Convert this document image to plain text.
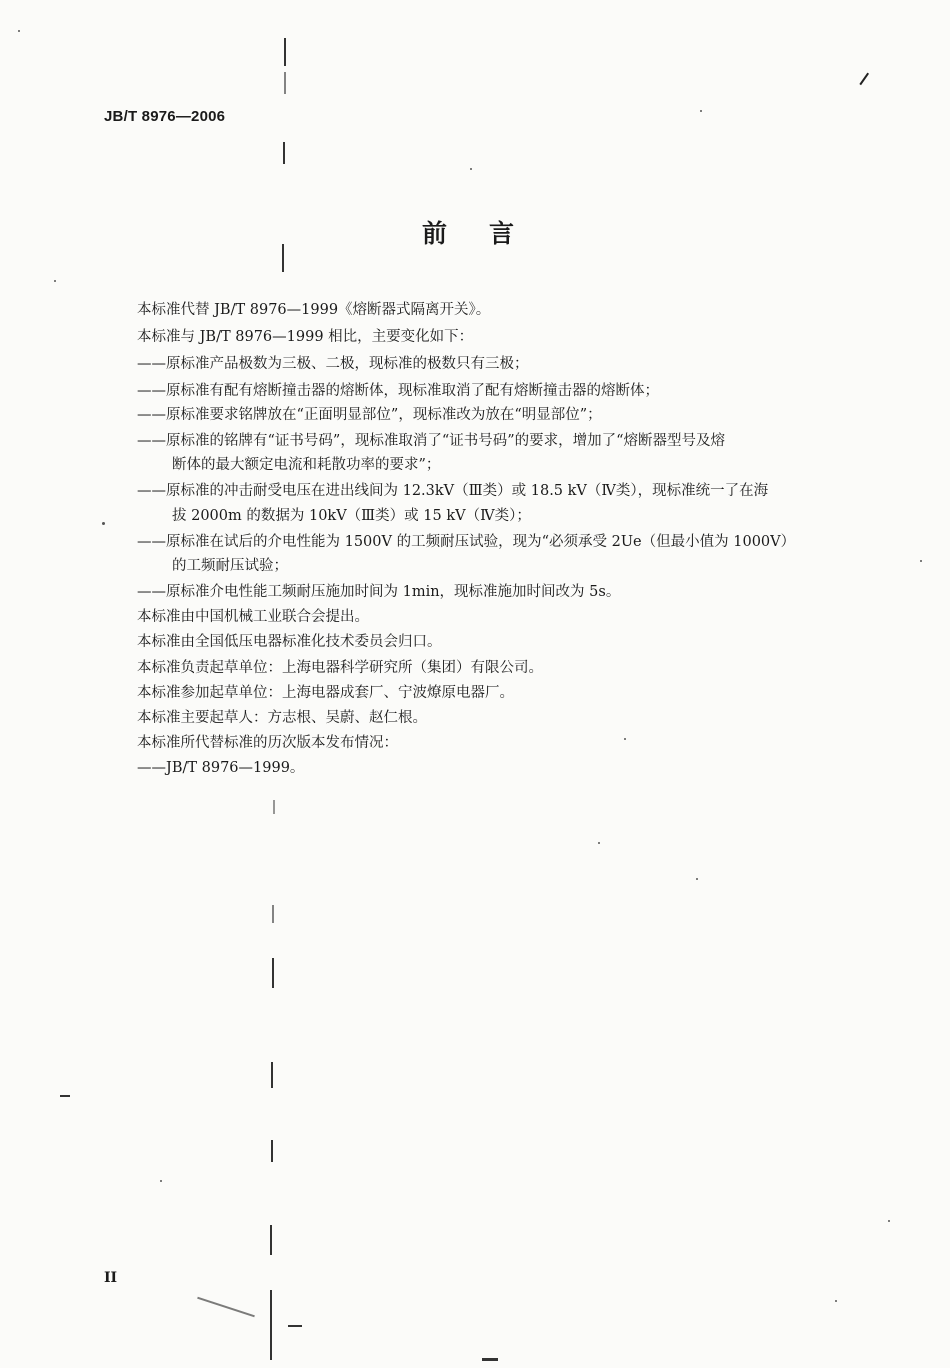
JB/T 8976—2006
前言
本标准代替 JB/T 8976—1999《熔断器式隔离开关》。
本标准与 JB/T 8976—1999 相比，主要变化如下：
——原标准产品极数为三极、二极，现标准的极数只有三极；
——原标准有配有熔断撞击器的熔断体，现标准取消了配有熔断撞击器的熔断体；
——原标准要求铭牌放在“正面明显部位”，现标准改为放在“明显部位”；
——原标准的铭牌有“证书号码”，现标准取消了“证书号码”的要求，增加了“熔断器型号及熔
断体的最大额定电流和耗散功率的要求”；
——原标准的冲击耐受电压在进出线间为 12.3kV（Ⅲ类）或 18.5 kV（Ⅳ类），现标准统一了在海
拔 2000m 的数据为 10kV（Ⅲ类）或 15 kV（Ⅳ类）；
——原标准在试后的介电性能为 1500V 的工频耐压试验，现为“必须承受 2Ue（但最小值为 1000V）
的工频耐压试验；
——原标准介电性能工频耐压施加时间为 1min，现标准施加时间改为 5s。
本标准由中国机械工业联合会提出。
本标准由全国低压电器标准化技术委员会归口。
本标准负责起草单位：上海电器科学研究所（集团）有限公司。
本标准参加起草单位：上海电器成套厂、宁波燎原电器厂。
本标准主要起草人：方志根、吴蔚、赵仁根。
本标准所代替标准的历次版本发布情况：
——JB/T 8976—1999。
II
